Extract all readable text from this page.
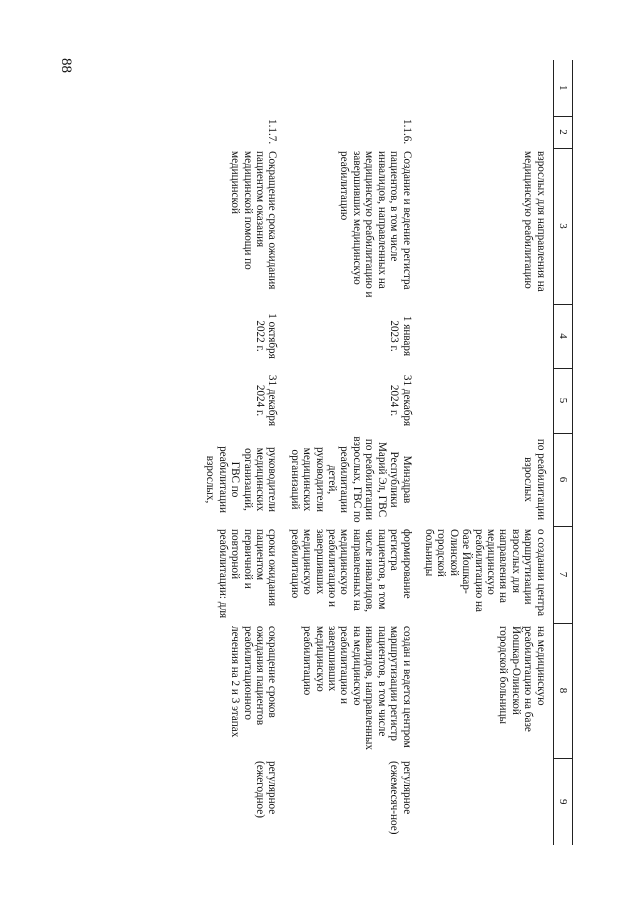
88
1	2	3	4	5	6	7	8	9
		взрослых для направления на медицинскую реабилитацию			по реабилитации взрослых	о создании центра маршрутизации взрослых для направления на медицинскую реабилитацию на базе Йошкар-Олинской городской больницы	на медицинскую реабилитацию на базе Йошкар-Олинской городской больницы	
	1.1.6.	Создание и ведение регистра пациентов, в том числе инвалидов, направленных на медицинскую реабилитацию и завершивших медицинскую реабилитацию	1 января 2023 г.	31 декабря 2024 г.	Минздрав Республики Марий Эл, ГВС по реабилитации взрослых, ГВС по реабилитации детей, руководители медицинских организаций	формирование регистра пациентов, в том числе инвалидов, направленных на медицинскую реабилитацию и завершивших медицинскую реабилитацию	создан и ведется центром маршрутизации регистр пациентов, в том числе инвалидов, направленных на медицинскую реабилитацию и завершивших медицинскую реабилитацию	регулярное (ежемесяч-ное)
	1.1.7.	Сокращение срока ожидания пациентом оказания медицинской помощи по медицинской	1 октября 2022 г.	31 декабря 2024 г.	руководители медицинских организаций, ГВС по реабилитации взрослых,	сроки ожидания пациентом первичной и повторной реабилитации: для	сокращение сроков ожидания пациентов реабилитационного лечения на 2 и 3 этапах	регулярное (ежегодное)
